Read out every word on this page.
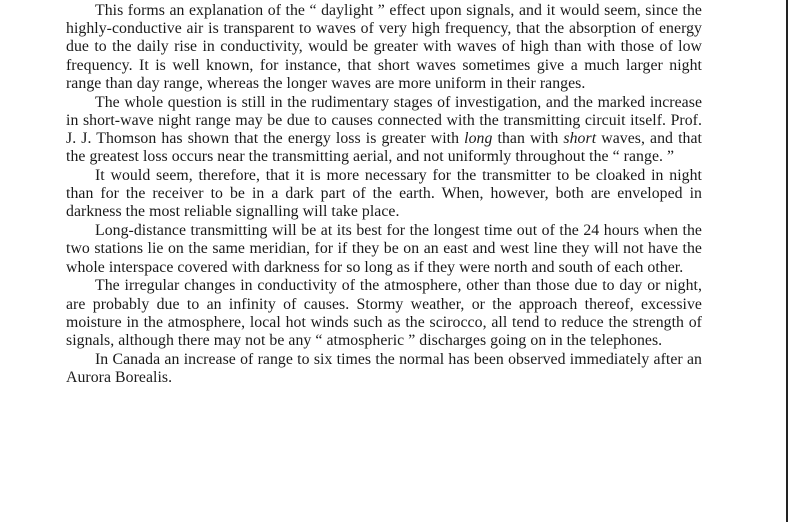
This forms an explanation of the “ daylight ” effect upon signals, and it would seem, since the highly-conductive air is transparent to waves of very high frequency, that the absorption of energy due to the daily rise in conductivity, would be greater with waves of high than with those of low frequency. It is well known, for instance, that short waves sometimes give a much larger night range than day range, whereas the longer waves are more uniform in their ranges.

The whole question is still in the rudimentary stages of investigation, and the marked increase in short-wave night range may be due to causes connected with the transmitting circuit itself. Prof. J. J. Thomson has shown that the energy loss is greater with long than with short waves, and that the greatest loss occurs near the transmitting aerial, and not uniformly throughout the “ range. ”

It would seem, therefore, that it is more necessary for the transmitter to be cloaked in night than for the receiver to be in a dark part of the earth. When, however, both are enveloped in darkness the most reliable signalling will take place.

Long-distance transmitting will be at its best for the longest time out of the 24 hours when the two stations lie on the same meridian, for if they be on an east and west line they will not have the whole interspace covered with darkness for so long as if they were north and south of each other.

The irregular changes in conductivity of the atmosphere, other than those due to day or night, are probably due to an infinity of causes. Stormy weather, or the approach thereof, excessive moisture in the atmosphere, local hot winds such as the scirocco, all tend to reduce the strength of signals, although there may not be any “ atmospheric ” discharges going on in the telephones.

In Canada an increase of range to six times the normal has been observed immediately after an Aurora Borealis.
